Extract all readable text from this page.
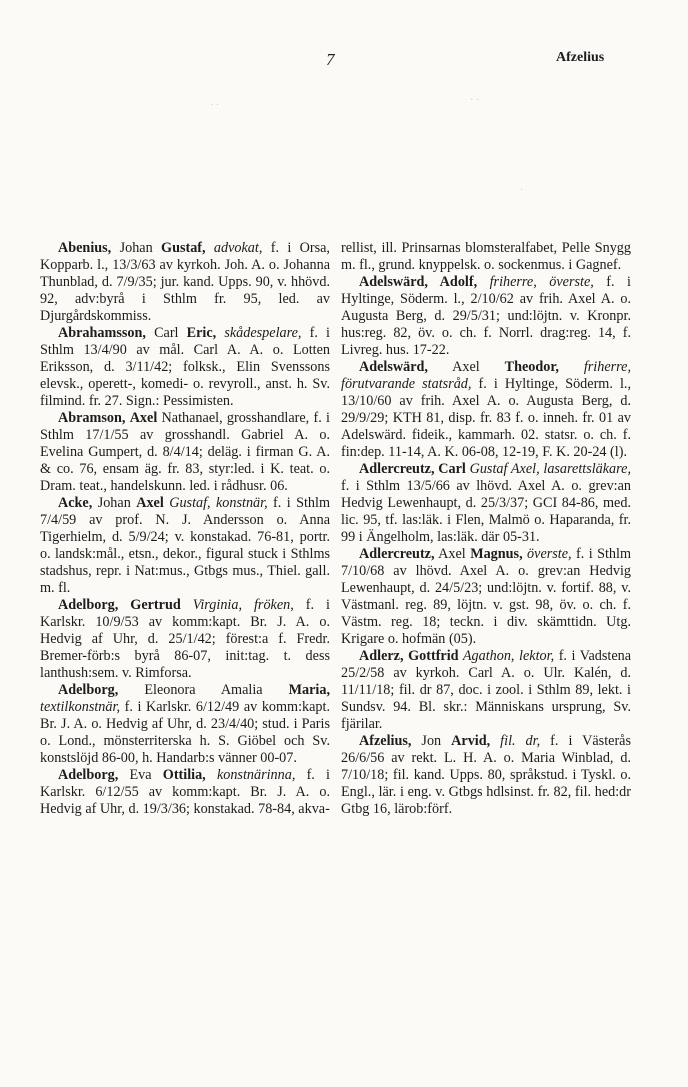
7	Afzelius
· ·	· ·
·

Abenius, Johan Gustaf, advokat, f. i Orsa, Kopparb. l., 13/3/63 av kyrkoh. Joh. A. o. Johanna Thunblad, d. 7/9/35; jur. kand. Upps. 90, v. hhövd. 92, adv:byrå i Sthlm fr. 95, led. av Djurgårdskommiss.

Abrahamsson, Carl Eric, skådespelare, f. i Sthlm 13/4/90 av mål. Carl A. A. o. Lotten Eriksson, d. 3/11/42; folksk., Elin Svenssons elevsk., operett-, komedi- o. revyroll., anst. h. Sv. filmind. fr. 27. Sign.: Pessimisten.

Abramson, Axel Nathanael, grosshandlare, f. i Sthlm 17/1/55 av grosshandl. Gabriel A. o. Evelina Gumpert, d. 8/4/14; deläg. i firman G. A. & co. 76, ensam äg. fr. 83, styr:led. i K. teat. o. Dram. teat., handelskunn. led. i rådhusr. 06.

Acke, Johan Axel Gustaf, konstnär, f. i Sthlm 7/4/59 av prof. N. J. Andersson o. Anna Tigerhielm, d. 5/9/24; v. konstakad. 76-81, portr. o. landsk:mål., etsn., dekor., figural stuck i Sthlms stadshus, repr. i Nat:mus., Gtbgs mus., Thiel. gall. m. fl.

Adelborg, Gertrud Virginia, fröken, f. i Karlskr. 10/9/53 av komm:kapt. Br. J. A. o. Hedvig af Uhr, d. 25/1/42; förest:a f. Fredr. Bremer-förb:s byrå 86-07, init:tag. t. dess lanthush:sem. v. Rimforsa.

Adelborg, Eleonora Amalia Maria, textilkonstnär, f. i Karlskr. 6/12/49 av komm:kapt. Br. J. A. o. Hedvig af Uhr, d. 23/4/40; stud. i Paris o. Lond., mönsterriterska h. S. Giöbel och Sv. konstslöjd 86-00, h. Handarb:s vänner 00-07.

Adelborg, Eva Ottilia, konstnärinna, f. i Karlskr. 6/12/55 av komm:kapt. Br. J. A. o. Hedvig af Uhr, d. 19/3/36; konstakad. 78-84, akva-

rellist, ill. Prinsarnas blomsteralfabet, Pelle Snygg m. fl., grund. knyppelsk. o. sockenmus. i Gagnef.

Adelswärd, Adolf, friherre, överste, f. i Hyltinge, Söderm. l., 2/10/62 av frih. Axel A. o. Augusta Berg, d. 29/5/31; und:löjtn. v. Kronpr. hus:reg. 82, öv. o. ch. f. Norrl. drag:reg. 14, f. Livreg. hus. 17-22.

Adelswärd, Axel Theodor, friherre, förutvarande statsråd, f. i Hyltinge, Söderm. l., 13/10/60 av frih. Axel A. o. Augusta Berg, d. 29/9/29; KTH 81, disp. fr. 83 f. o. inneh. fr. 01 av Adelswärd. fideik., kammarh. 02. statsr. o. ch. f. fin:dep. 11-14, A. K. 06-08, 12-19, F. K. 20-24 (l).

Adlercreutz, Carl Gustaf Axel, lasarettsläkare, f. i Sthlm 13/5/66 av lhövd. Axel A. o. grev:an Hedvig Lewenhaupt, d. 25/3/37; GCI 84-86, med. lic. 95, tf. las:läk. i Flen, Malmö o. Haparanda, fr. 99 i Ängelholm, las:läk. där 05-31.

Adlercreutz, Axel Magnus, överste, f. i Sthlm 7/10/68 av lhövd. Axel A. o. grev:an Hedvig Lewenhaupt, d. 24/5/23; und:löjtn. v. fortif. 88, v. Västmanl. reg. 89, löjtn. v. gst. 98, öv. o. ch. f. Västm. reg. 18; teckn. i div. skämttidn. Utg. Krigare o. hofmän (05).

Adlerz, Gottfrid Agathon, lektor, f. i Vadstena 25/2/58 av kyrkoh. Carl A. o. Ulr. Kalén, d. 11/11/18; fil. dr 87, doc. i zool. i Sthlm 89, lekt. i Sundsv. 94. Bl. skr.: Människans ursprung, Sv. fjärilar.

Afzelius, Jon Arvid, fil. dr, f. i Västerås 26/6/56 av rekt. L. H. A. o. Maria Winblad, d. 7/10/18; fil. kand. Upps. 80, språkstud. i Tyskl. o. Engl., lär. i eng. v. Gtbgs hdlsinst. fr. 82, fil. hed:dr Gtbg 16, lärob:förf.
